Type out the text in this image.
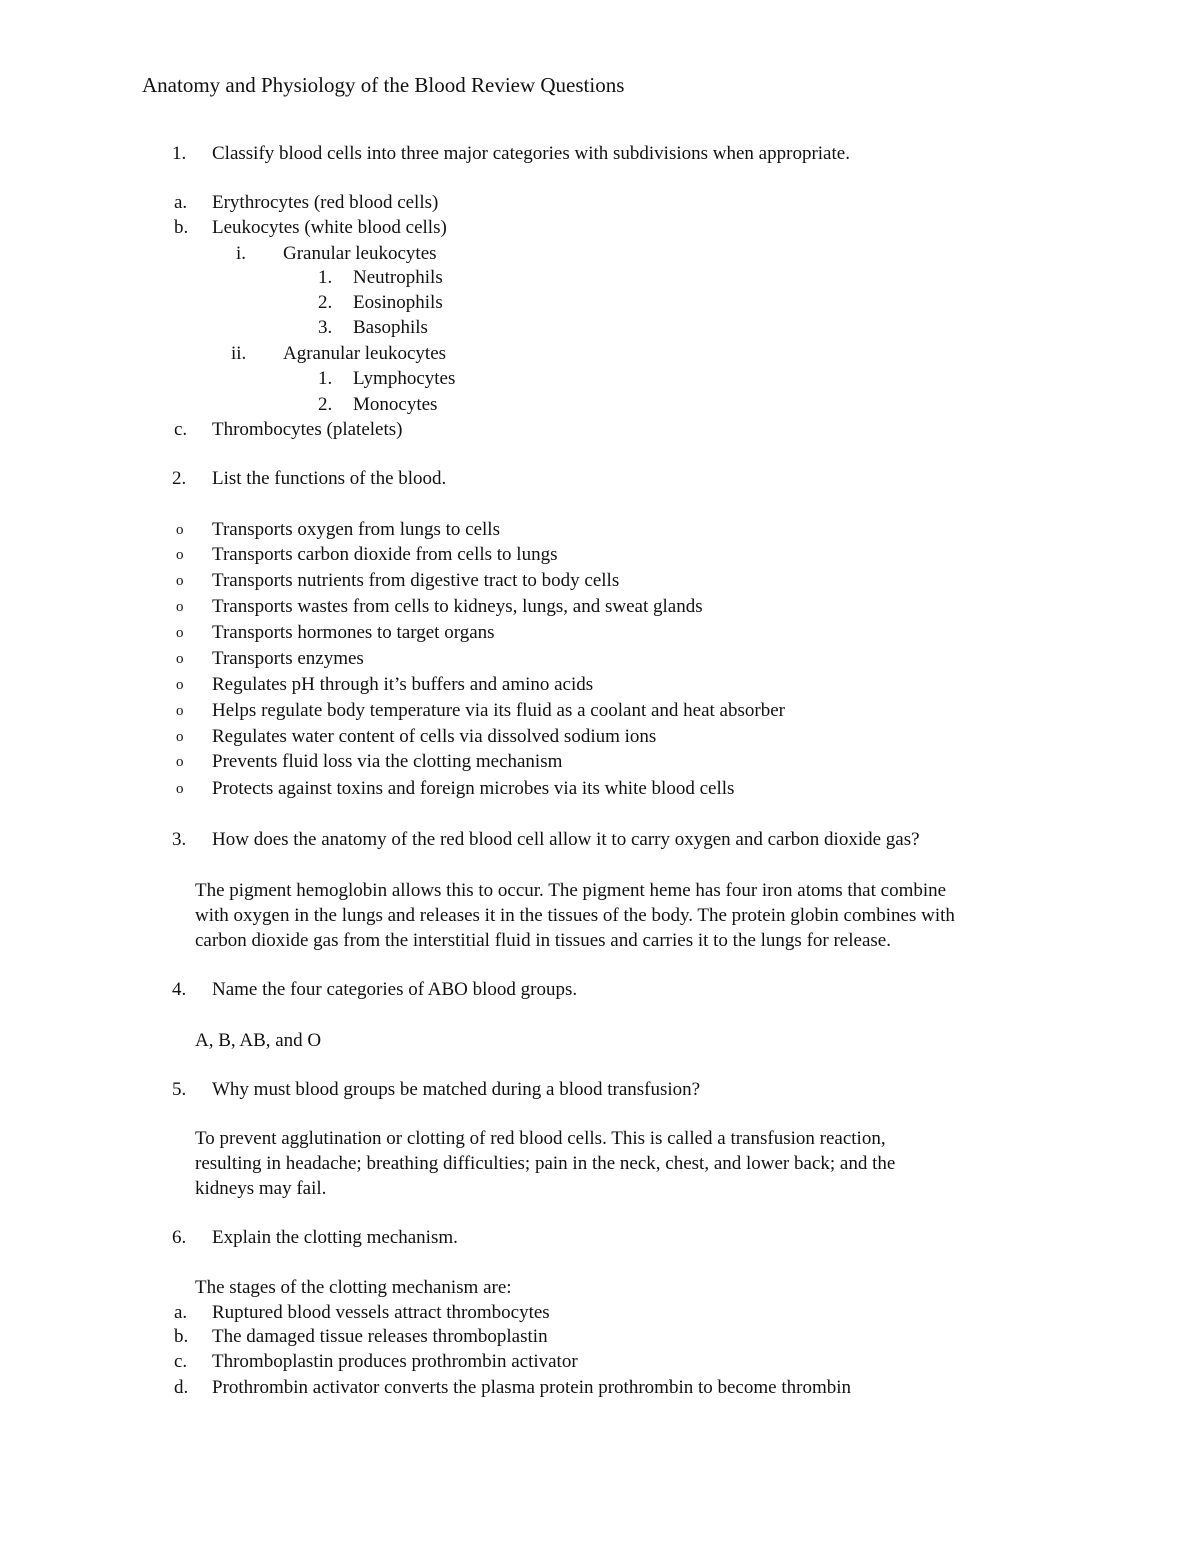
Anatomy and Physiology of the Blood Review Questions
1. Classify blood cells into three major categories with subdivisions when appropriate.
a. Erythrocytes (red blood cells)
b. Leukocytes (white blood cells)
i. Granular leukocytes
1. Neutrophils
2. Eosinophils
3. Basophils
ii. Agranular leukocytes
1. Lymphocytes
2. Monocytes
c. Thrombocytes (platelets)
2. List the functions of the blood.
o Transports oxygen from lungs to cells
o Transports carbon dioxide from cells to lungs
o Transports nutrients from digestive tract to body cells
o Transports wastes from cells to kidneys, lungs, and sweat glands
o Transports hormones to target organs
o Transports enzymes
o Regulates pH through it’s buffers and amino acids
o Helps regulate body temperature via its fluid as a coolant and heat absorber
o Regulates water content of cells via dissolved sodium ions
o Prevents fluid loss via the clotting mechanism
o Protects against toxins and foreign microbes via its white blood cells
3. How does the anatomy of the red blood cell allow it to carry oxygen and carbon dioxide gas?
The pigment hemoglobin allows this to occur. The pigment heme has four iron atoms that combine
with oxygen in the lungs and releases it in the tissues of the body. The protein globin combines with
carbon dioxide gas from the interstitial fluid in tissues and carries it to the lungs for release.
4. Name the four categories of ABO blood groups.
A, B, AB, and O
5. Why must blood groups be matched during a blood transfusion?
To prevent agglutination or clotting of red blood cells. This is called a transfusion reaction,
resulting in headache; breathing difficulties; pain in the neck, chest, and lower back; and the
kidneys may fail.
6. Explain the clotting mechanism.
The stages of the clotting mechanism are:
a. Ruptured blood vessels attract thrombocytes
b. The damaged tissue releases thromboplastin
c. Thromboplastin produces prothrombin activator
d. Prothrombin activator converts the plasma protein prothrombin to become thrombin
